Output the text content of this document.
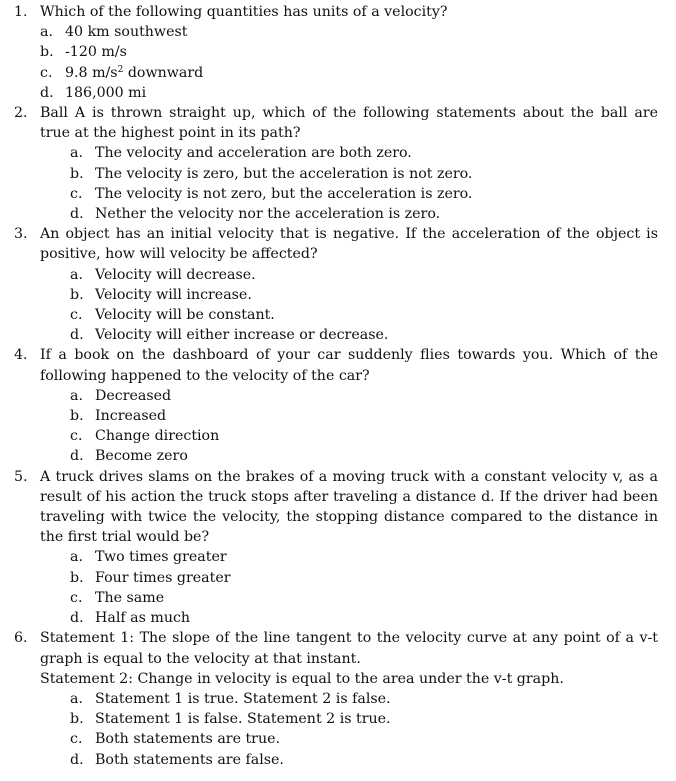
1. Which of the following quantities has units of a velocity?
a. 40 km southwest
b. -120 m/s
c. 9.8 $m/s^2$ downward
d. 186,000 mi
2. Ball A is thrown straight up, which of the following statements about the ball are true at the highest point in its path?
a. The velocity and acceleration are both zero.
b. The velocity is zero, but the acceleration is not zero.
c. The velocity is not zero, but the acceleration is zero.
d. Nether the velocity nor the acceleration is zero.
3. An object has an initial velocity that is negative. If the acceleration of the object is positive, how will velocity be affected?
a. Velocity will decrease.
b. Velocity will increase.
c. Velocity will be constant.
d. Velocity will either increase or decrease.
4. If a book on the dashboard of your car suddenly flies towards you. Which of the following happened to the velocity of the car?
a. Decreased
b. Increased
c. Change direction
d. Become zero
5. A truck drives slams on the brakes of a moving truck with a constant velocity v, as a result of his action the truck stops after traveling a distance d. If the driver had been traveling with twice the velocity, the stopping distance compared to the distance in the first trial would be?
a. Two times greater
b. Four times greater
c. The same
d. Half as much
6. Statement 1: The slope of the line tangent to the velocity curve at any point of a v-t graph is equal to the velocity at that instant.
Statement 2: Change in velocity is equal to the area under the v-t graph.
a. Statement 1 is true. Statement 2 is false.
b. Statement 1 is false. Statement 2 is true.
c. Both statements are true.
d. Both statements are false.
